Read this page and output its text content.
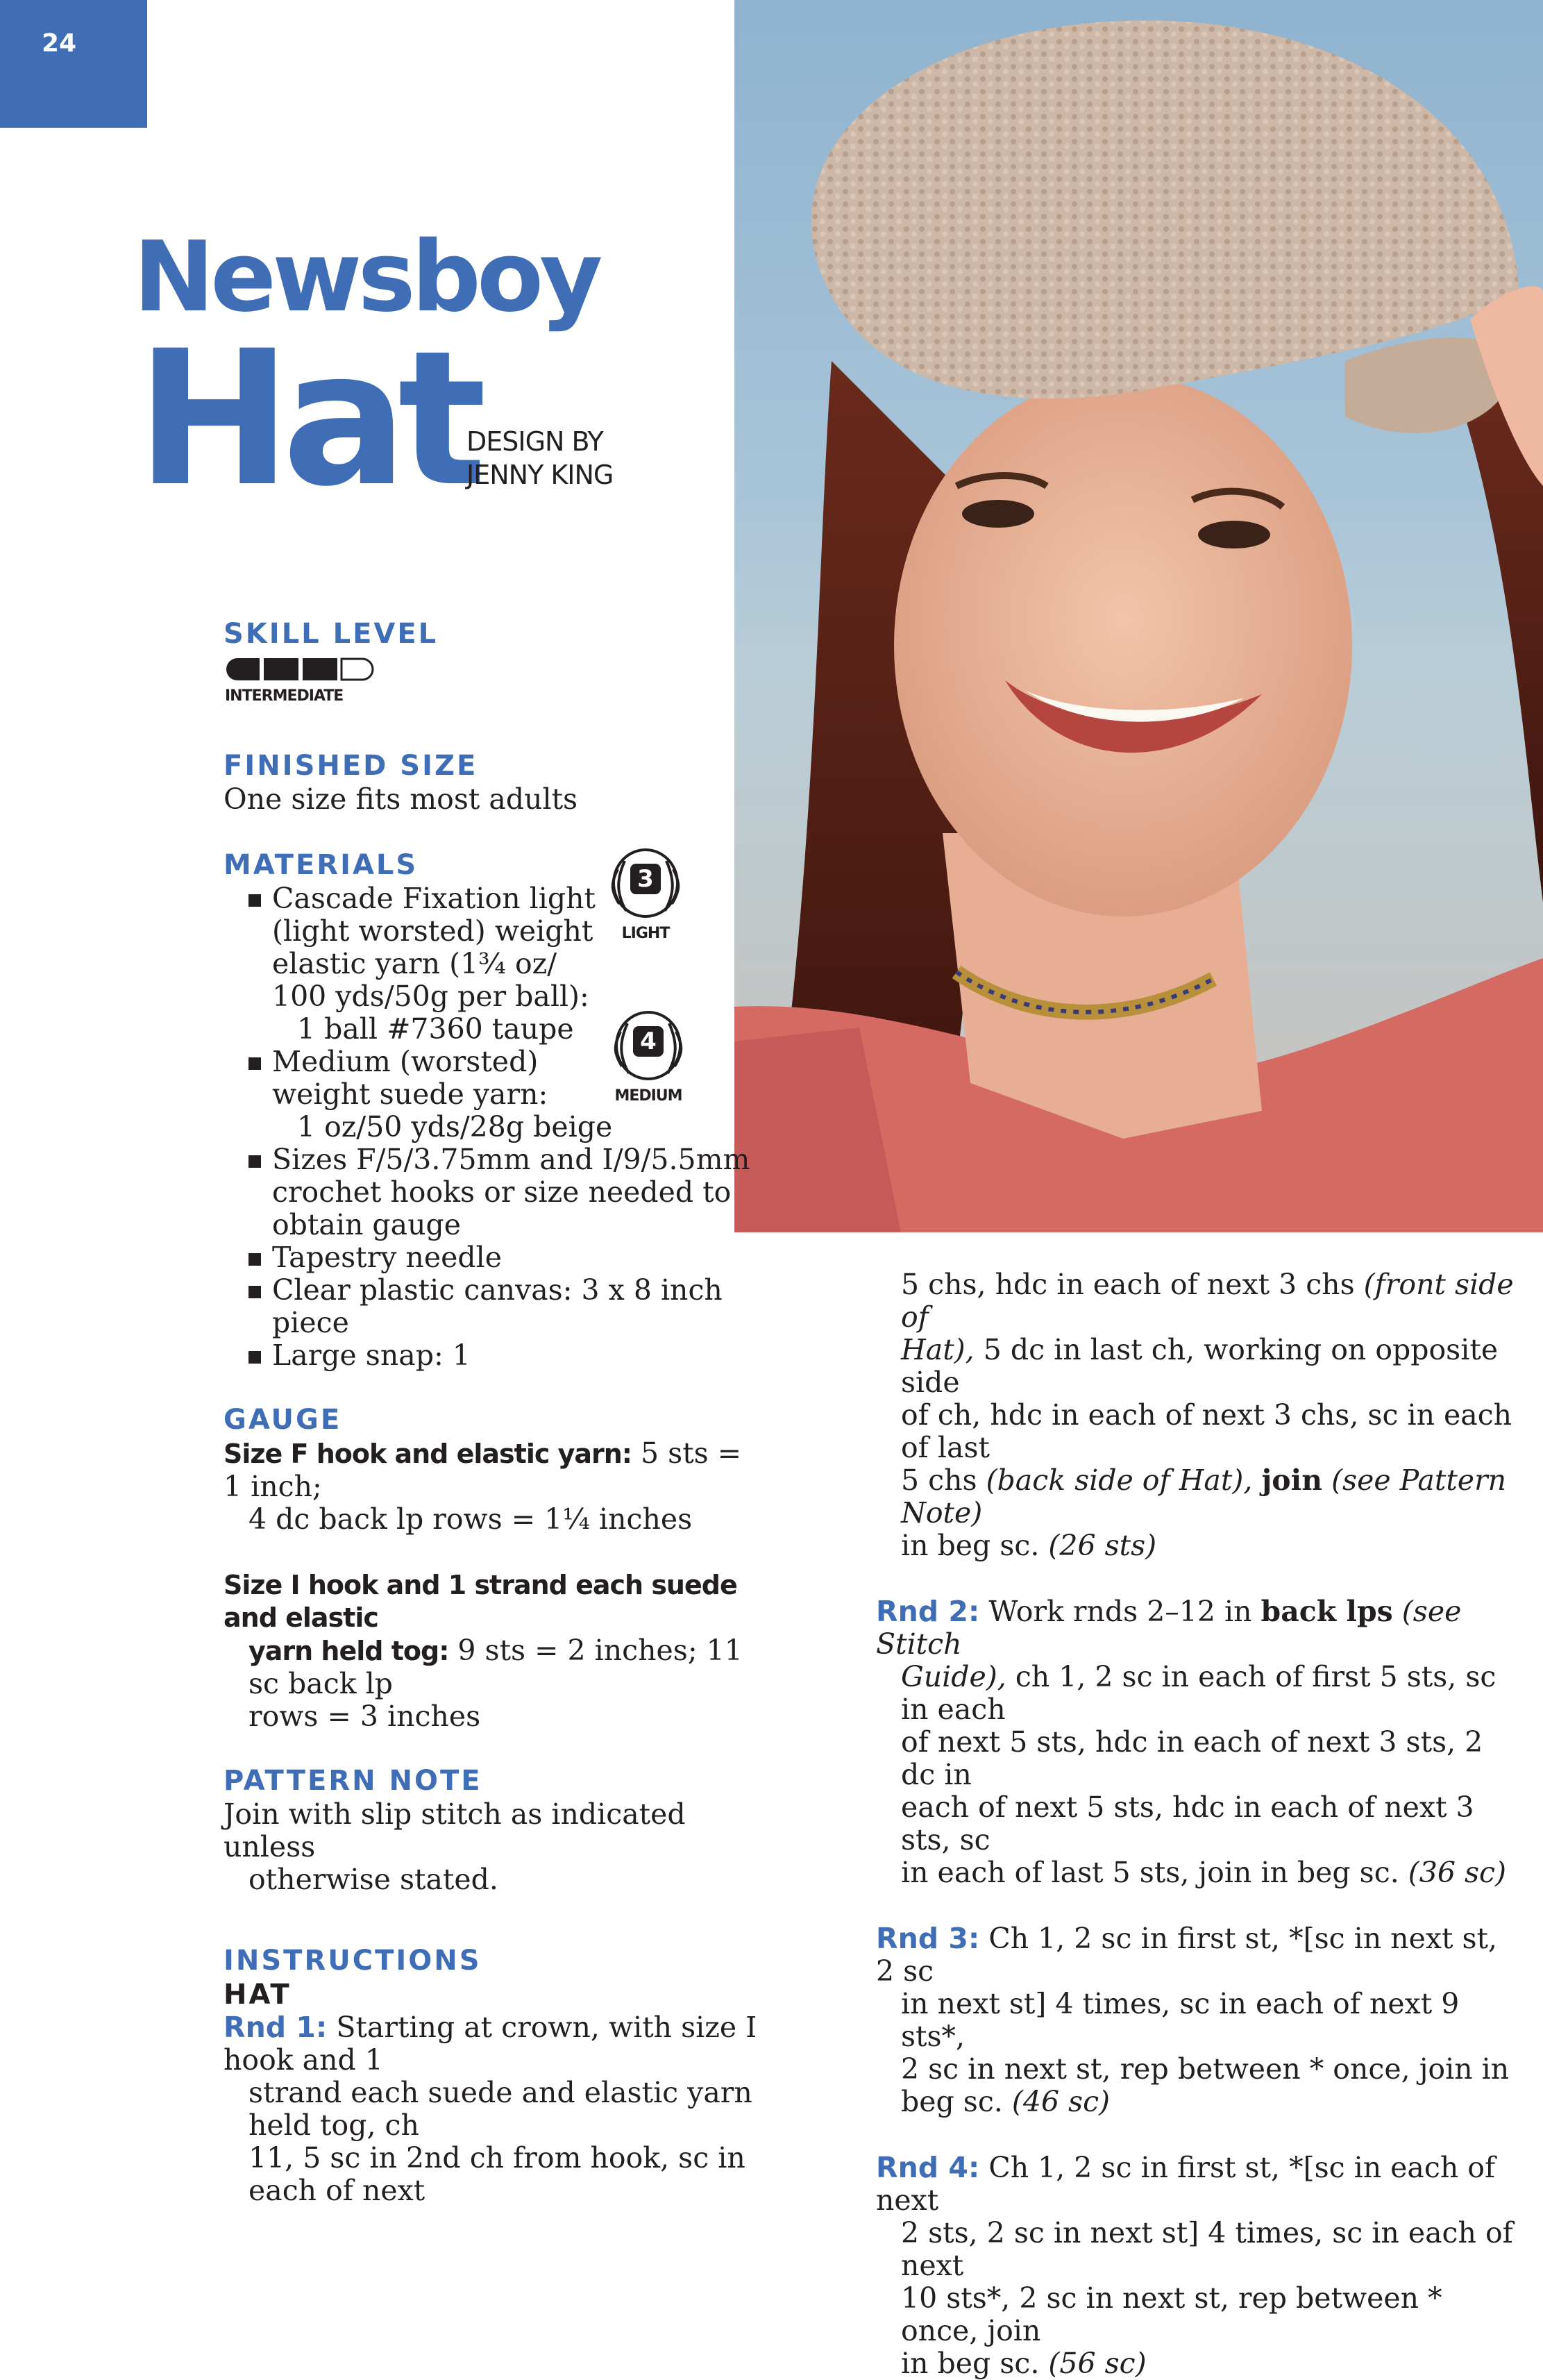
24
Newsboy
Hat
DESIGN BY
JENNY KING
SKILL LEVEL
INTERMEDIATE
FINISHED SIZE

One size fits most adults

MATERIALS
Cascade Fixation light
(light worsted) weight
elastic yarn (1¾ oz/
100 yds/50g per ball):
1 ball #7360 taupe
Medium (worsted)
weight suede yarn:
1 oz/50 yds/28g beige
Sizes F/5/3.75mm and I/9/5.5mm
crochet hooks or size needed to
obtain gauge
Tapestry needle
Clear plastic canvas: 3 x 8 inch piece
Large snap: 1
GAUGE

Size F hook and elastic yarn: 5 sts = 1 inch;

4 dc back lp rows = 1¼ inches

Size I hook and 1 strand each suede and elastic

yarn held tog: 9 sts = 2 inches; 11 sc back lp

rows = 3 inches

PATTERN NOTE

Join with slip stitch as indicated unless

otherwise stated.

INSTRUCTIONS
HAT

Rnd 1: Starting at crown, with size I hook and 1

strand each suede and elastic yarn held tog, ch

11, 5 sc in 2nd ch from hook, sc in each of next

3
LIGHT
4
MEDIUM
5 chs, hdc in each of next 3 chs (front side of
Hat), 5 dc in last ch, working on opposite side
of ch, hdc in each of next 3 chs, sc in each of last
5 chs (back side of Hat), join (see Pattern Note)
in beg sc. (26 sts)
Rnd 2: Work rnds 2–12 in back lps (see Stitch
Guide), ch 1, 2 sc in each of first 5 sts, sc in each
of next 5 sts, hdc in each of next 3 sts, 2 dc in
each of next 5 sts, hdc in each of next 3 sts, sc
in each of last 5 sts, join in beg sc. (36 sc)
Rnd 3: Ch 1, 2 sc in first st, *[sc in next st, 2 sc
in next st] 4 times, sc in each of next 9 sts*,
2 sc in next st, rep between * once, join in
beg sc. (46 sc)
Rnd 4: Ch 1, 2 sc in first st, *[sc in each of next
2 sts, 2 sc in next st] 4 times, sc in each of next
10 sts*, 2 sc in next st, rep between * once, join
in beg sc. (56 sc)
